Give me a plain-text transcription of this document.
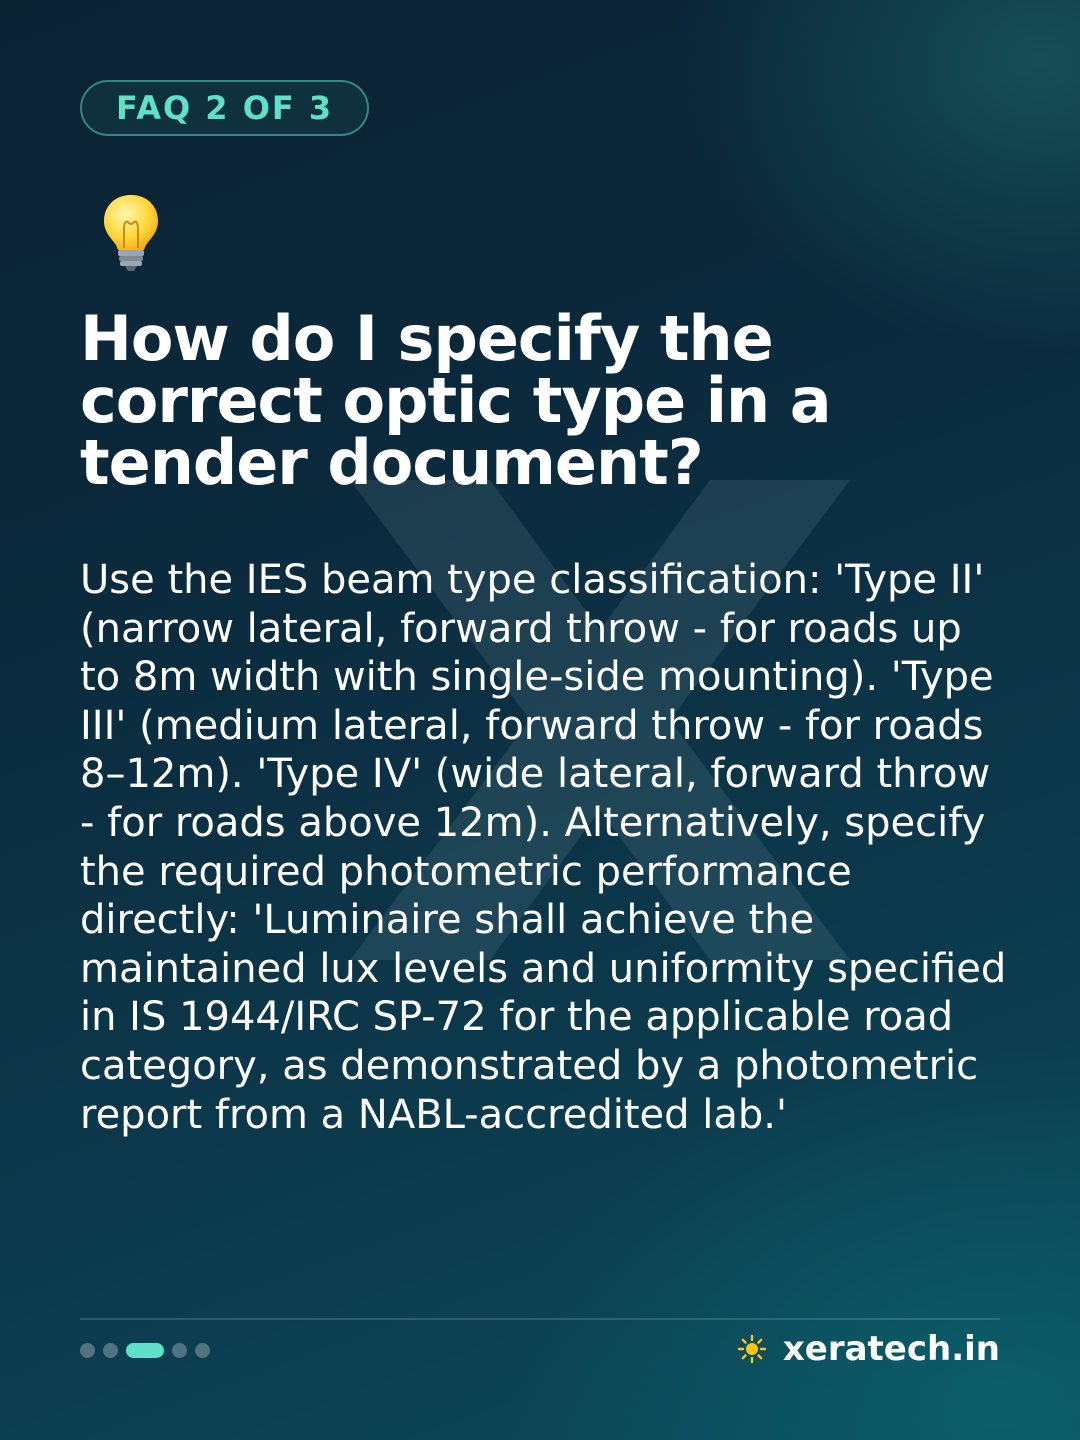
FAQ 2 OF 3
How do I specify the correct optic type in a tender document?

Use the IES beam type classification: 'Type II' (narrow lateral, forward throw - for roads up to 8m width with single-side mounting). 'Type III' (medium lateral, forward throw - for roads 8–12m). 'Type IV' (wide lateral, forward throw - for roads above 12m). Alternatively, specify the required photometric performance directly: 'Luminaire shall achieve the maintained lux levels and uniformity specified in IS 1944/IRC SP-72 for the applicable road category, as demonstrated by a photometric report from a NABL-accredited lab.'

xeratech.in
